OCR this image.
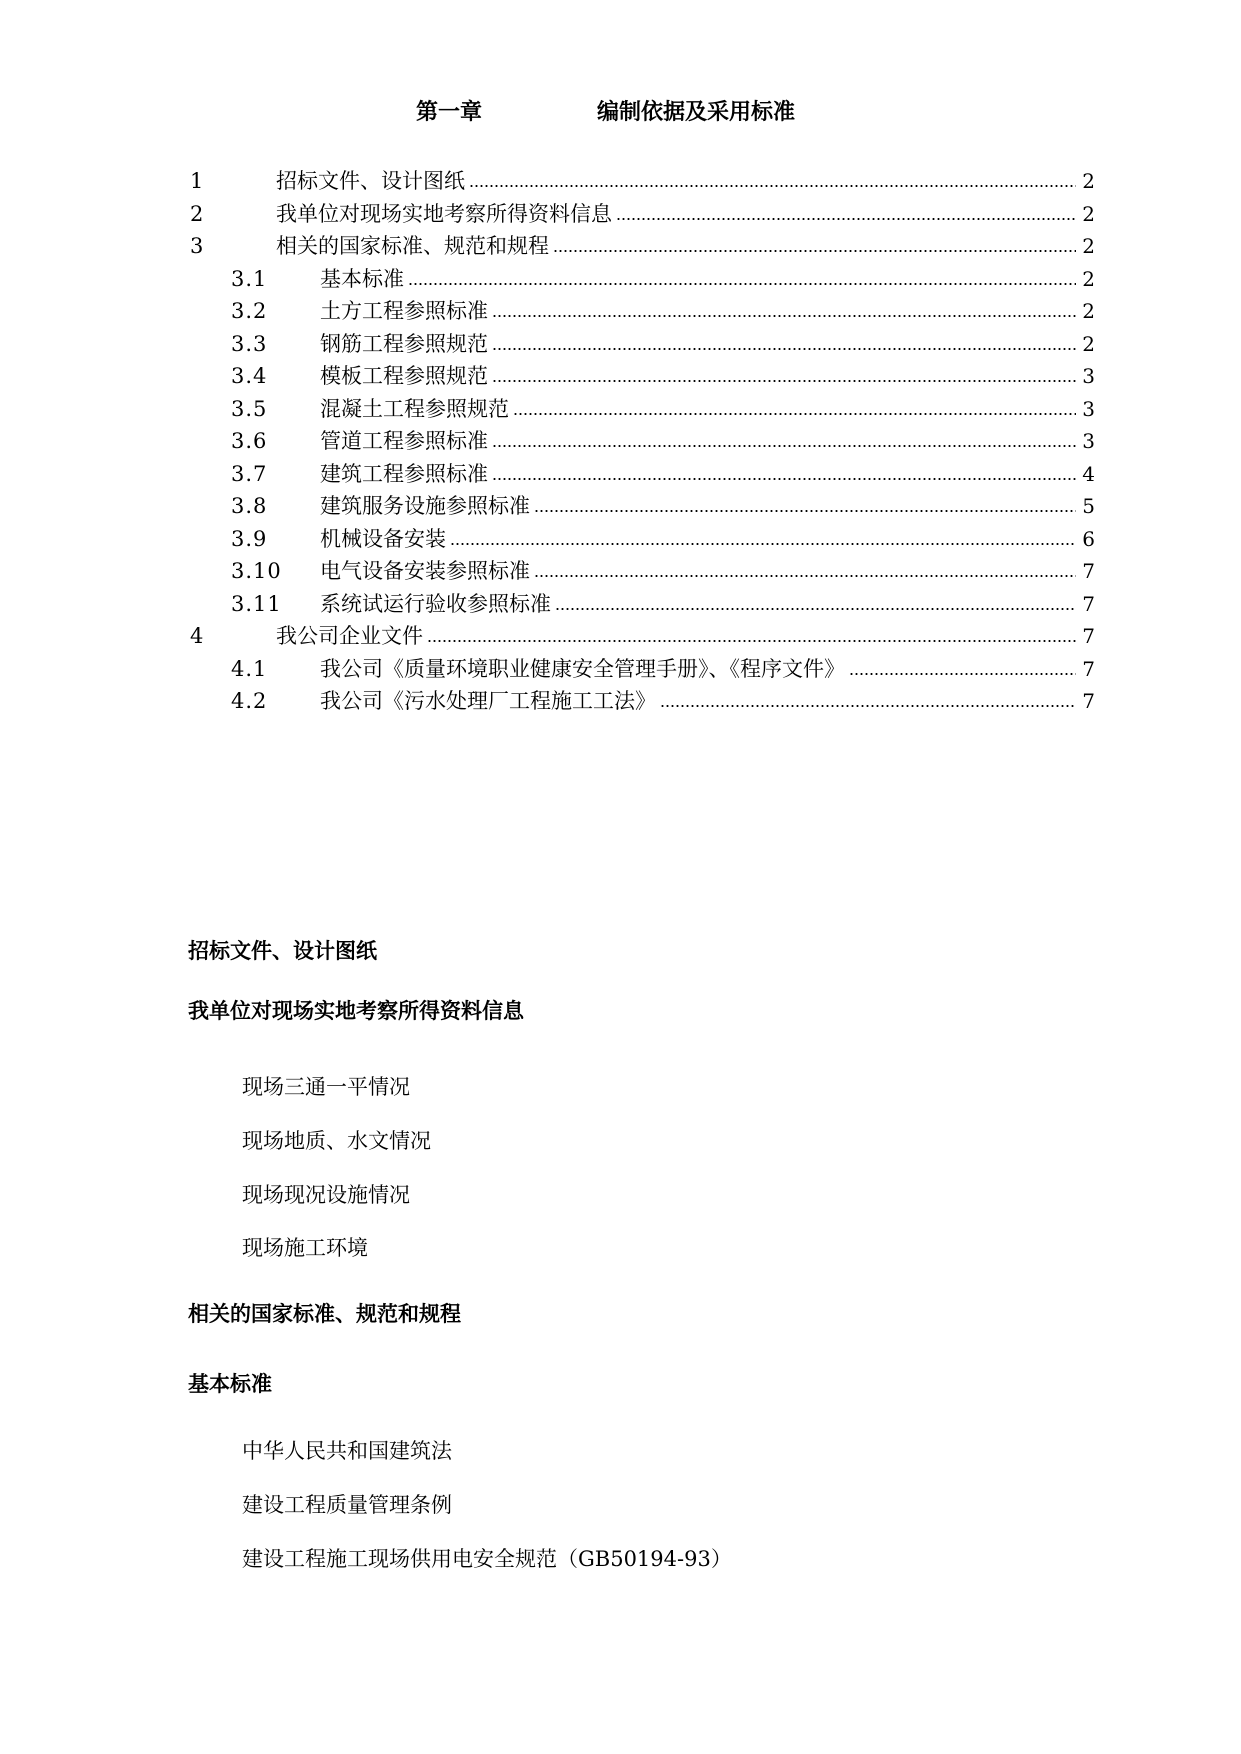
第一章	编制依据及采用标准
1	招标文件、设计图纸	2
2	我单位对现场实地考察所得资料信息	2
3	相关的国家标准、规范和规程	2
3.1	基本标准	2
3.2	土方工程参照标准	2
3.3	钢筋工程参照规范	2
3.4	模板工程参照规范	3
3.5	混凝土工程参照规范	3
3.6	管道工程参照标准	3
3.7	建筑工程参照标准	4
3.8	建筑服务设施参照标准	5
3.9	机械设备安装	6
3.10	电气设备安装参照标准	7
3.11	系统试运行验收参照标准	7
4	我公司企业文件	7
4.1	我公司《质量环境职业健康安全管理手册》、《程序文件》	7
4.2	我公司《污水处理厂工程施工工法》	7
招标文件、设计图纸
我单位对现场实地考察所得资料信息
现场三通一平情况
现场地质、水文情况
现场现况设施情况
现场施工环境
相关的国家标准、规范和规程
基本标准
中华人民共和国建筑法
建设工程质量管理条例
建设工程施工现场供用电安全规范（GB50194-93）
